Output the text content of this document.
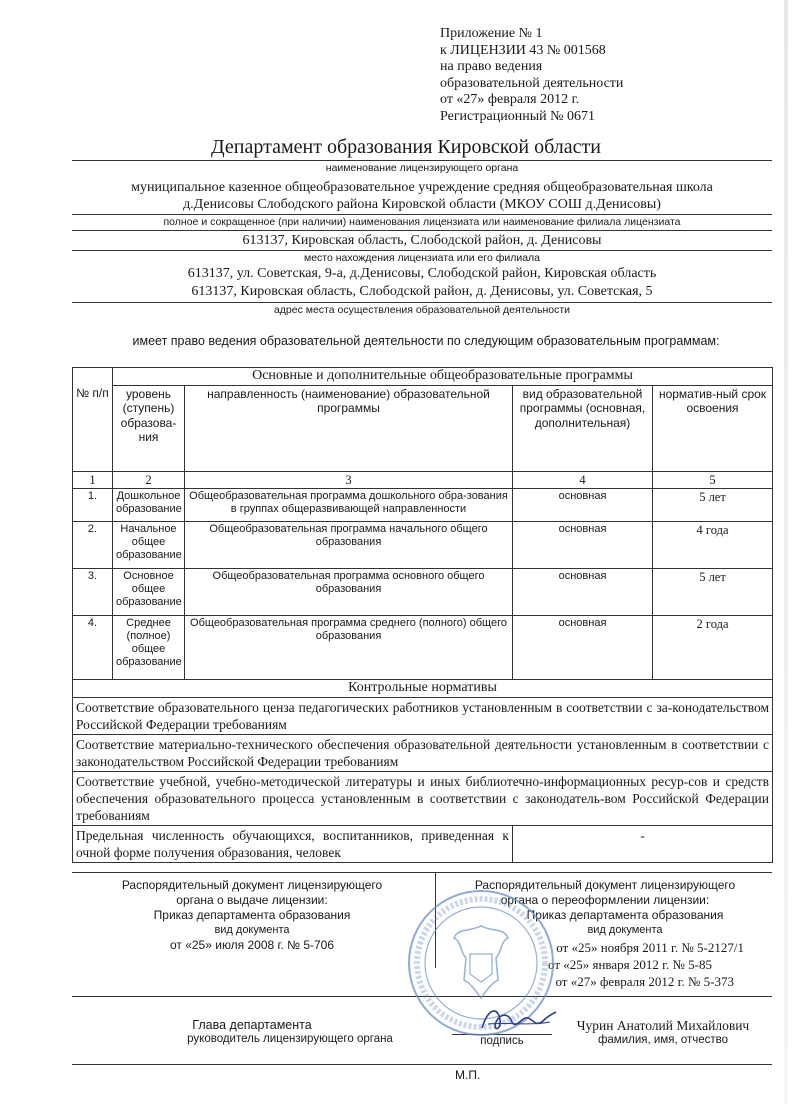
Приложение № 1
к ЛИЦЕНЗИИ 43 № 001568
на право ведения
образовательной деятельности
от «27» февраля 2012 г.
Регистрационный № 0671
Департамент образования Кировской области
наименование лицензирующего органа
муниципальное казенное общеобразовательное учреждение средняя общеобразовательная школа
д.Денисовы Слободского района Кировской области (МКОУ СОШ д.Денисовы)
полное и сокращенное (при наличии) наименования лицензиата или наименование филиала лицензиата
613137, Кировская область, Слободской район, д. Денисовы
место нахождения лицензиата или его филиала
613137, ул. Советская, 9-а, д.Денисовы, Слободской район, Кировская область
613137, Кировская область, Слободской район, д. Денисовы, ул. Советская, 5
адрес места осуществления образовательной деятельности
имеет право ведения образовательной деятельности по следующим образовательным программам:
	Основные и дополнительные общеобразовательные программы			
№ п/п	уровень (ступень) образова-ния	направленность (наименование) образовательной программы	вид образовательной программы (основная, дополнительная)	норматив-ный срок освоения
1	2	3	4	5
1.	Дошкольное образование	Общеобразовательная программа дошкольного обра-зования в группах общеразвивающей направленности	основная	5 лет
2.	Начальное общее образование	Общеобразовательная программа начального общего образования	основная	4 года
3.	Основное общее образование	Общеобразовательная программа основного общего образования	основная	5 лет
4.	Среднее (полное) общее образование	Общеобразовательная программа среднего (полного) общего образования	основная	2 года
Контрольные нормативы				
Соответствие образовательного ценза педагогических работников установленным в соответствии с за-конодательством Российской Федерации требованиям				
Соответствие материально-технического обеспечения образовательной деятельности установленным в соответствии с законодательством Российской Федерации требованиям				
Соответствие учебной, учебно-методической литературы и иных библиотечно-информационных ресур-сов и средств обеспечения образовательного процесса установленным в соответствии с законодатель-вом Российской Федерации требованиям				
Предельная численность обучающихся, воспитанников, приведенная к очной форме получения образования, человек			-	
Распорядительный документ лицензирующего
органа о выдаче лицензии:
Приказ департамента образования
вид документа
от «25» июля 2008 г. № 5-706
Распорядительный документ лицензирующего
органа о переоформлении лицензии:
Приказ департамента образования
вид документа
от «25» ноября 2011 г. № 5-2127/1
от «25» января 2012 г. № 5-85
от «27» февраля 2012 г. № 5-373
Глава департамента
руководитель лицензирующего органа	подпись
Чурин Анатолий Михайлович
фамилия, имя, отчество
М.П.
